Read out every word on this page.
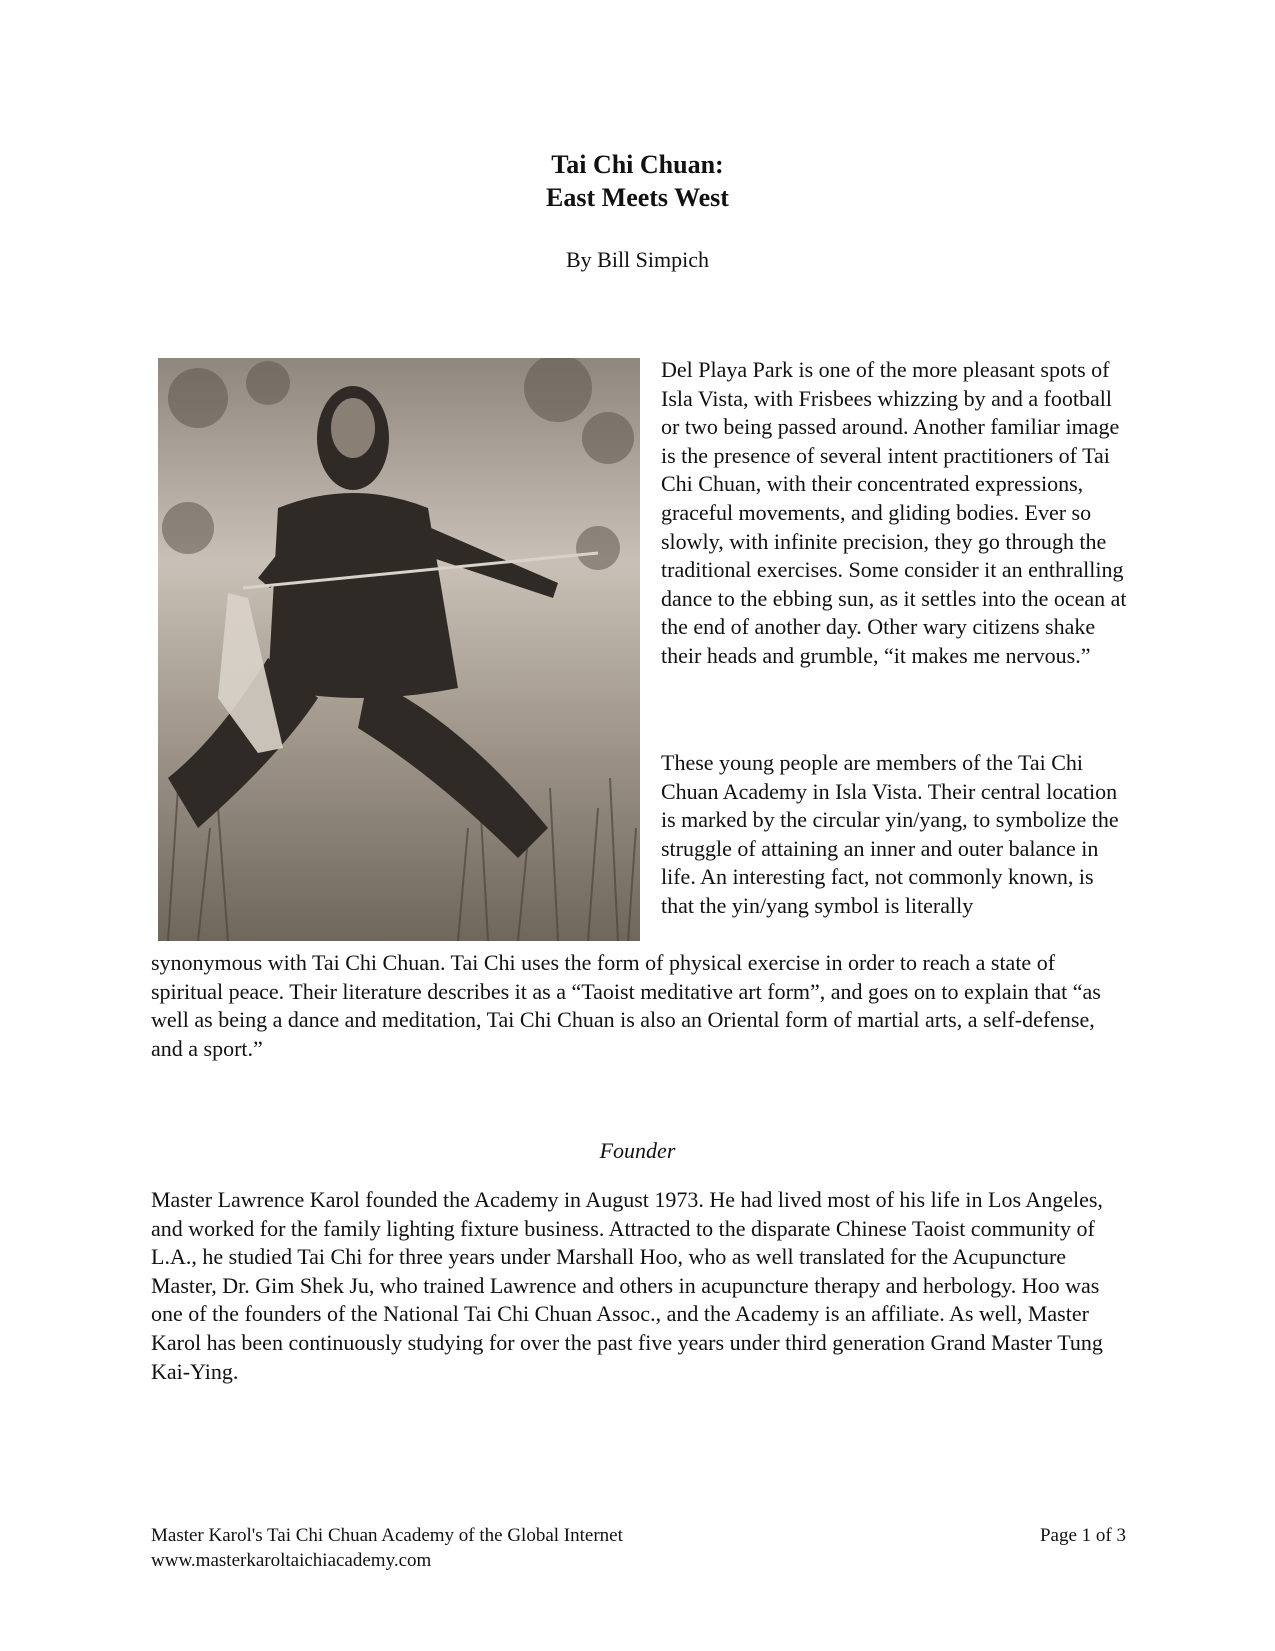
Tai Chi Chuan:
East Meets West
By Bill Simpich

Del Playa Park is one of the more pleasant spots of Isla Vista, with Frisbees whizzing by and a football or two being passed around. Another familiar image is the presence of several intent practitioners of Tai Chi Chuan, with their concentrated expressions, graceful movements, and gliding bodies. Ever so slowly, with infinite precision, they go through the traditional exercises. Some consider it an enthralling dance to the ebbing sun, as it settles into the ocean at the end of another day. Other wary citizens shake their heads and grumble, “it makes me nervous.”

These young people are members of the Tai Chi Chuan Academy in Isla Vista. Their central location is marked by the circular yin/yang, to symbolize the struggle of attaining an inner and outer balance in life. An interesting fact, not commonly known, is that the yin/yang symbol is literally

synonymous with Tai Chi Chuan. Tai Chi uses the form of physical exercise in order to reach a state of spiritual peace. Their literature describes it as a “Taoist meditative art form”, and goes on to explain that “as well as being a dance and meditation, Tai Chi Chuan is also an Oriental form of martial arts, a self-defense, and a sport.”

Founder

Master Lawrence Karol founded the Academy in August 1973. He had lived most of his life in Los Angeles, and worked for the family lighting fixture business. Attracted to the disparate Chinese Taoist community of L.A., he studied Tai Chi for three years under Marshall Hoo, who as well translated for the Acupuncture Master, Dr. Gim Shek Ju, who trained Lawrence and others in acupuncture therapy and herbology. Hoo was one of the founders of the National Tai Chi Chuan Assoc., and the Academy is an affiliate. As well, Master Karol has been continuously studying for over the past five years under third generation Grand Master Tung Kai-Ying.

Master Karol's Tai Chi Chuan Academy of the Global Internet
www.masterkaroltaichiacademy.com
Page 1 of 3
